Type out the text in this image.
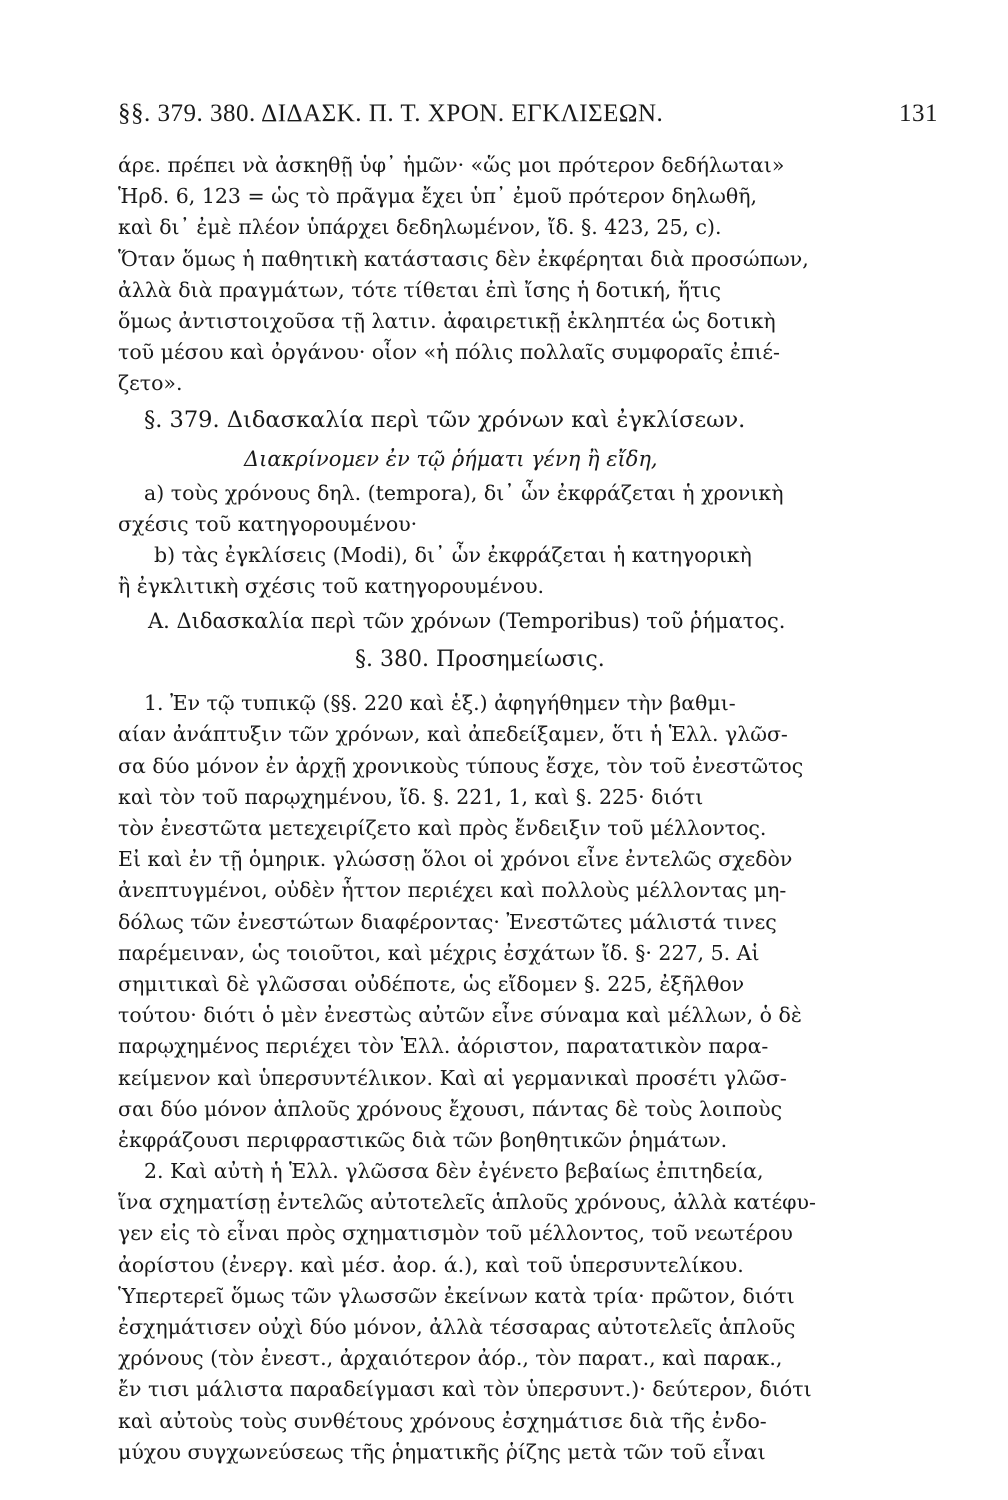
§§. 379. 380. ΔΙΔΑΣΚ. Π. Τ. ΧΡΟΝ. ΕΓΚΛΙΣΕΩΝ.	131
άρε. πρέπει νὰ ἀσκηθῇ ὑφ᾽ ἡμῶν· «ὥς μοι πρότερον δεδήλωται»
Ἡρδ. 6, 123 = ὡς τὸ πρᾶγμα ἔχει ὑπ᾽ ἐμοῦ πρότερον δηλωθῆ,
καὶ δι᾽ ἐμὲ πλέον ὑπάρχει δεδηλωμένον, ἴδ. §. 423, 25, c).
Ὅταν ὅμως ἡ παθητικὴ κατάστασις δὲν ἐκφέρηται διὰ προσώπων,
ἀλλὰ διὰ πραγμάτων, τότε τίθεται ἐπὶ ἴσης ἡ δοτική, ἥτις
ὅμως ἀντιστοιχοῦσα τῇ λατιν. ἀφαιρετικῇ ἐκληπτέα ὡς δοτικὴ
τοῦ μέσου καὶ ὀργάνου· οἷον «ἡ πόλις πολλαῖς συμφοραῖς ἐπιέ-
ζετο».
§. 379. Διδασκαλία περὶ τῶν χρόνων καὶ ἐγκλίσεων.
Διακρίνομεν ἐν τῷ ῥήματι γένη ἢ εἴδη,
a) τοὺς χρόνους δηλ. (tempora), δι᾽ ὧν ἐκφράζεται ἡ χρονικὴ
σχέσις τοῦ κατηγορουμένου·
b) τὰς ἐγκλίσεις (Modi), δι᾽ ὧν ἐκφράζεται ἡ κατηγορικὴ
ἢ ἐγκλιτικὴ σχέσις τοῦ κατηγορουμένου.
Α. Διδασκαλία περὶ τῶν χρόνων (Temporibus) τοῦ ῥήματος.
§. 380. Προσημείωσις.
1. Ἐν τῷ τυπικῷ (§§. 220 καὶ ἑξ.) ἀφηγήθημεν τὴν βαθμι-
αίαν ἀνάπτυξιν τῶν χρόνων, καὶ ἀπεδείξαμεν, ὅτι ἡ Ἑλλ. γλῶσ-
σα δύο μόνον ἐν ἀρχῇ χρονικοὺς τύπους ἔσχε, τὸν τοῦ ἐνεστῶτος
καὶ τὸν τοῦ παρῳχημένου, ἴδ. §. 221, 1, καὶ §. 225· διότι
τὸν ἐνεστῶτα μετεχειρίζετο καὶ πρὸς ἔνδειξιν τοῦ μέλλοντος.
Εἰ καὶ ἐν τῇ ὁμηρικ. γλώσσῃ ὅλοι οἱ χρόνοι εἶνε ἐντελῶς σχεδὸν
ἀνεπτυγμένοι, οὐδὲν ἧττον περιέχει καὶ πολλοὺς μέλλοντας μη-
δόλως τῶν ἐνεστώτων διαφέροντας· Ἐνεστῶτες μάλιστά τινες
παρέμειναν, ὡς τοιοῦτοι, καὶ μέχρις ἐσχάτων ἴδ. §· 227, 5. Αἱ
σημιτικαὶ δὲ γλῶσσαι οὐδέποτε, ὡς εἴδομεν §. 225, ἐξῆλθον
τούτου· διότι ὁ μὲν ἐνεστὼς αὐτῶν εἶνε σύναμα καὶ μέλλων, ὁ δὲ
παρῳχημένος περιέχει τὸν Ἑλλ. ἀόριστον, παρατατικὸν παρα-
κείμενον καὶ ὑπερσυντέλικον. Καὶ αἱ γερμανικαὶ προσέτι γλῶσ-
σαι δύο μόνον ἁπλοῦς χρόνους ἔχουσι, πάντας δὲ τοὺς λοιποὺς
ἐκφράζουσι περιφραστικῶς διὰ τῶν βοηθητικῶν ῥημάτων.
2. Καὶ αὐτὴ ἡ Ἑλλ. γλῶσσα δὲν ἐγένετο βεβαίως ἐπιτηδεία,
ἵνα σχηματίσῃ ἐντελῶς αὐτοτελεῖς ἁπλοῦς χρόνους, ἀλλὰ κατέφυ-
γεν εἰς τὸ εἶναι πρὸς σχηματισμὸν τοῦ μέλλοντος, τοῦ νεωτέρου
ἀορίστου (ἐνεργ. καὶ μέσ. ἀορ. ά.), καὶ τοῦ ὑπερσυντελίκου.
Ὑπερτερεῖ ὅμως τῶν γλωσσῶν ἐκείνων κατὰ τρία· πρῶτον, διότι
ἐσχημάτισεν οὐχὶ δύο μόνον, ἀλλὰ τέσσαρας αὐτοτελεῖς ἁπλοῦς
χρόνους (τὸν ἐνεστ., ἀρχαιότερον ἀόρ., τὸν παρατ., καὶ παρακ.,
ἔν τισι μάλιστα παραδείγμασι καὶ τὸν ὑπερσυντ.)· δεύτερον, διότι
καὶ αὐτοὺς τοὺς συνθέτους χρόνους ἐσχημάτισε διὰ τῆς ἐνδο-
μύχου συγχωνεύσεως τῆς ῥηματικῆς ῥίζης μετὰ τῶν τοῦ εἶναι
